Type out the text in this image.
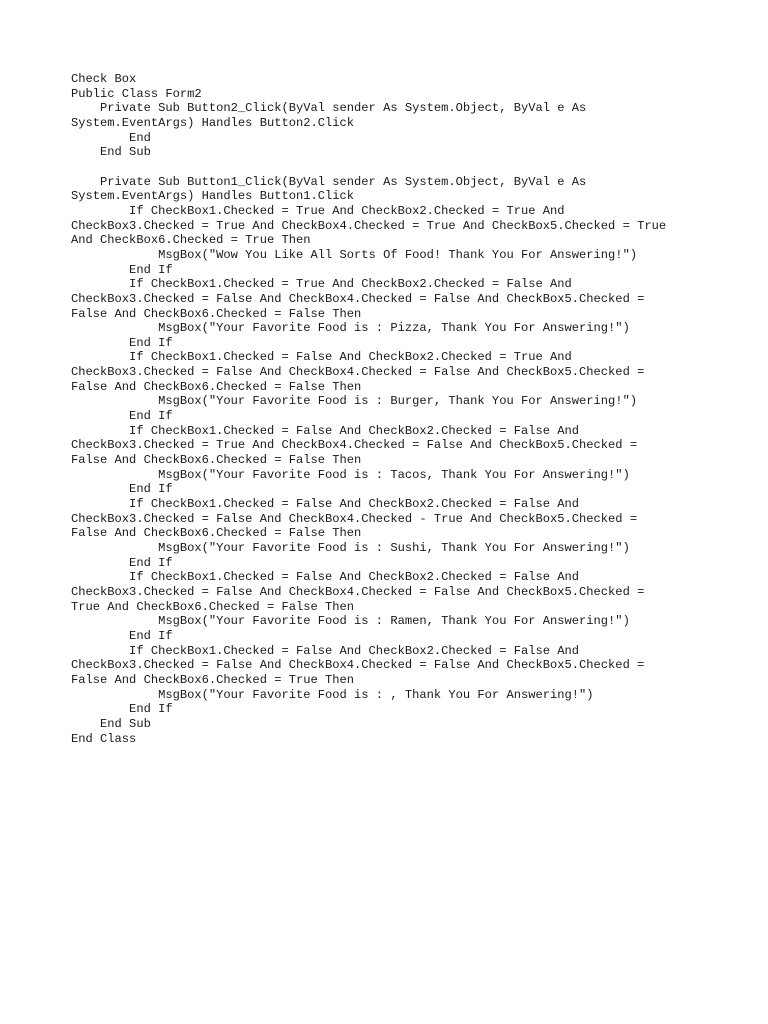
Check Box
Public Class Form2
Private Sub Button2_Click(ByVal sender As System.Object, ByVal e As
System.EventArgs) Handles Button2.Click
End
End Sub
Private Sub Button1_Click(ByVal sender As System.Object, ByVal e As
System.EventArgs) Handles Button1.Click
If CheckBox1.Checked = True And CheckBox2.Checked = True And
CheckBox3.Checked = True And CheckBox4.Checked = True And CheckBox5.Checked = True
And CheckBox6.Checked = True Then
MsgBox("Wow You Like All Sorts Of Food! Thank You For Answering!")
End If
If CheckBox1.Checked = True And CheckBox2.Checked = False And
CheckBox3.Checked = False And CheckBox4.Checked = False And CheckBox5.Checked =
False And CheckBox6.Checked = False Then
MsgBox("Your Favorite Food is : Pizza, Thank You For Answering!")
End If
If CheckBox1.Checked = False And CheckBox2.Checked = True And
CheckBox3.Checked = False And CheckBox4.Checked = False And CheckBox5.Checked =
False And CheckBox6.Checked = False Then
MsgBox("Your Favorite Food is : Burger, Thank You For Answering!")
End If
If CheckBox1.Checked = False And CheckBox2.Checked = False And
CheckBox3.Checked = True And CheckBox4.Checked = False And CheckBox5.Checked =
False And CheckBox6.Checked = False Then
MsgBox("Your Favorite Food is : Tacos, Thank You For Answering!")
End If
If CheckBox1.Checked = False And CheckBox2.Checked = False And
CheckBox3.Checked = False And CheckBox4.Checked - True And CheckBox5.Checked =
False And CheckBox6.Checked = False Then
MsgBox("Your Favorite Food is : Sushi, Thank You For Answering!")
End If
If CheckBox1.Checked = False And CheckBox2.Checked = False And
CheckBox3.Checked = False And CheckBox4.Checked = False And CheckBox5.Checked =
True And CheckBox6.Checked = False Then
MsgBox("Your Favorite Food is : Ramen, Thank You For Answering!")
End If
If CheckBox1.Checked = False And CheckBox2.Checked = False And
CheckBox3.Checked = False And CheckBox4.Checked = False And CheckBox5.Checked =
False And CheckBox6.Checked = True Then
MsgBox("Your Favorite Food is : , Thank You For Answering!")
End If
End Sub
End Class
